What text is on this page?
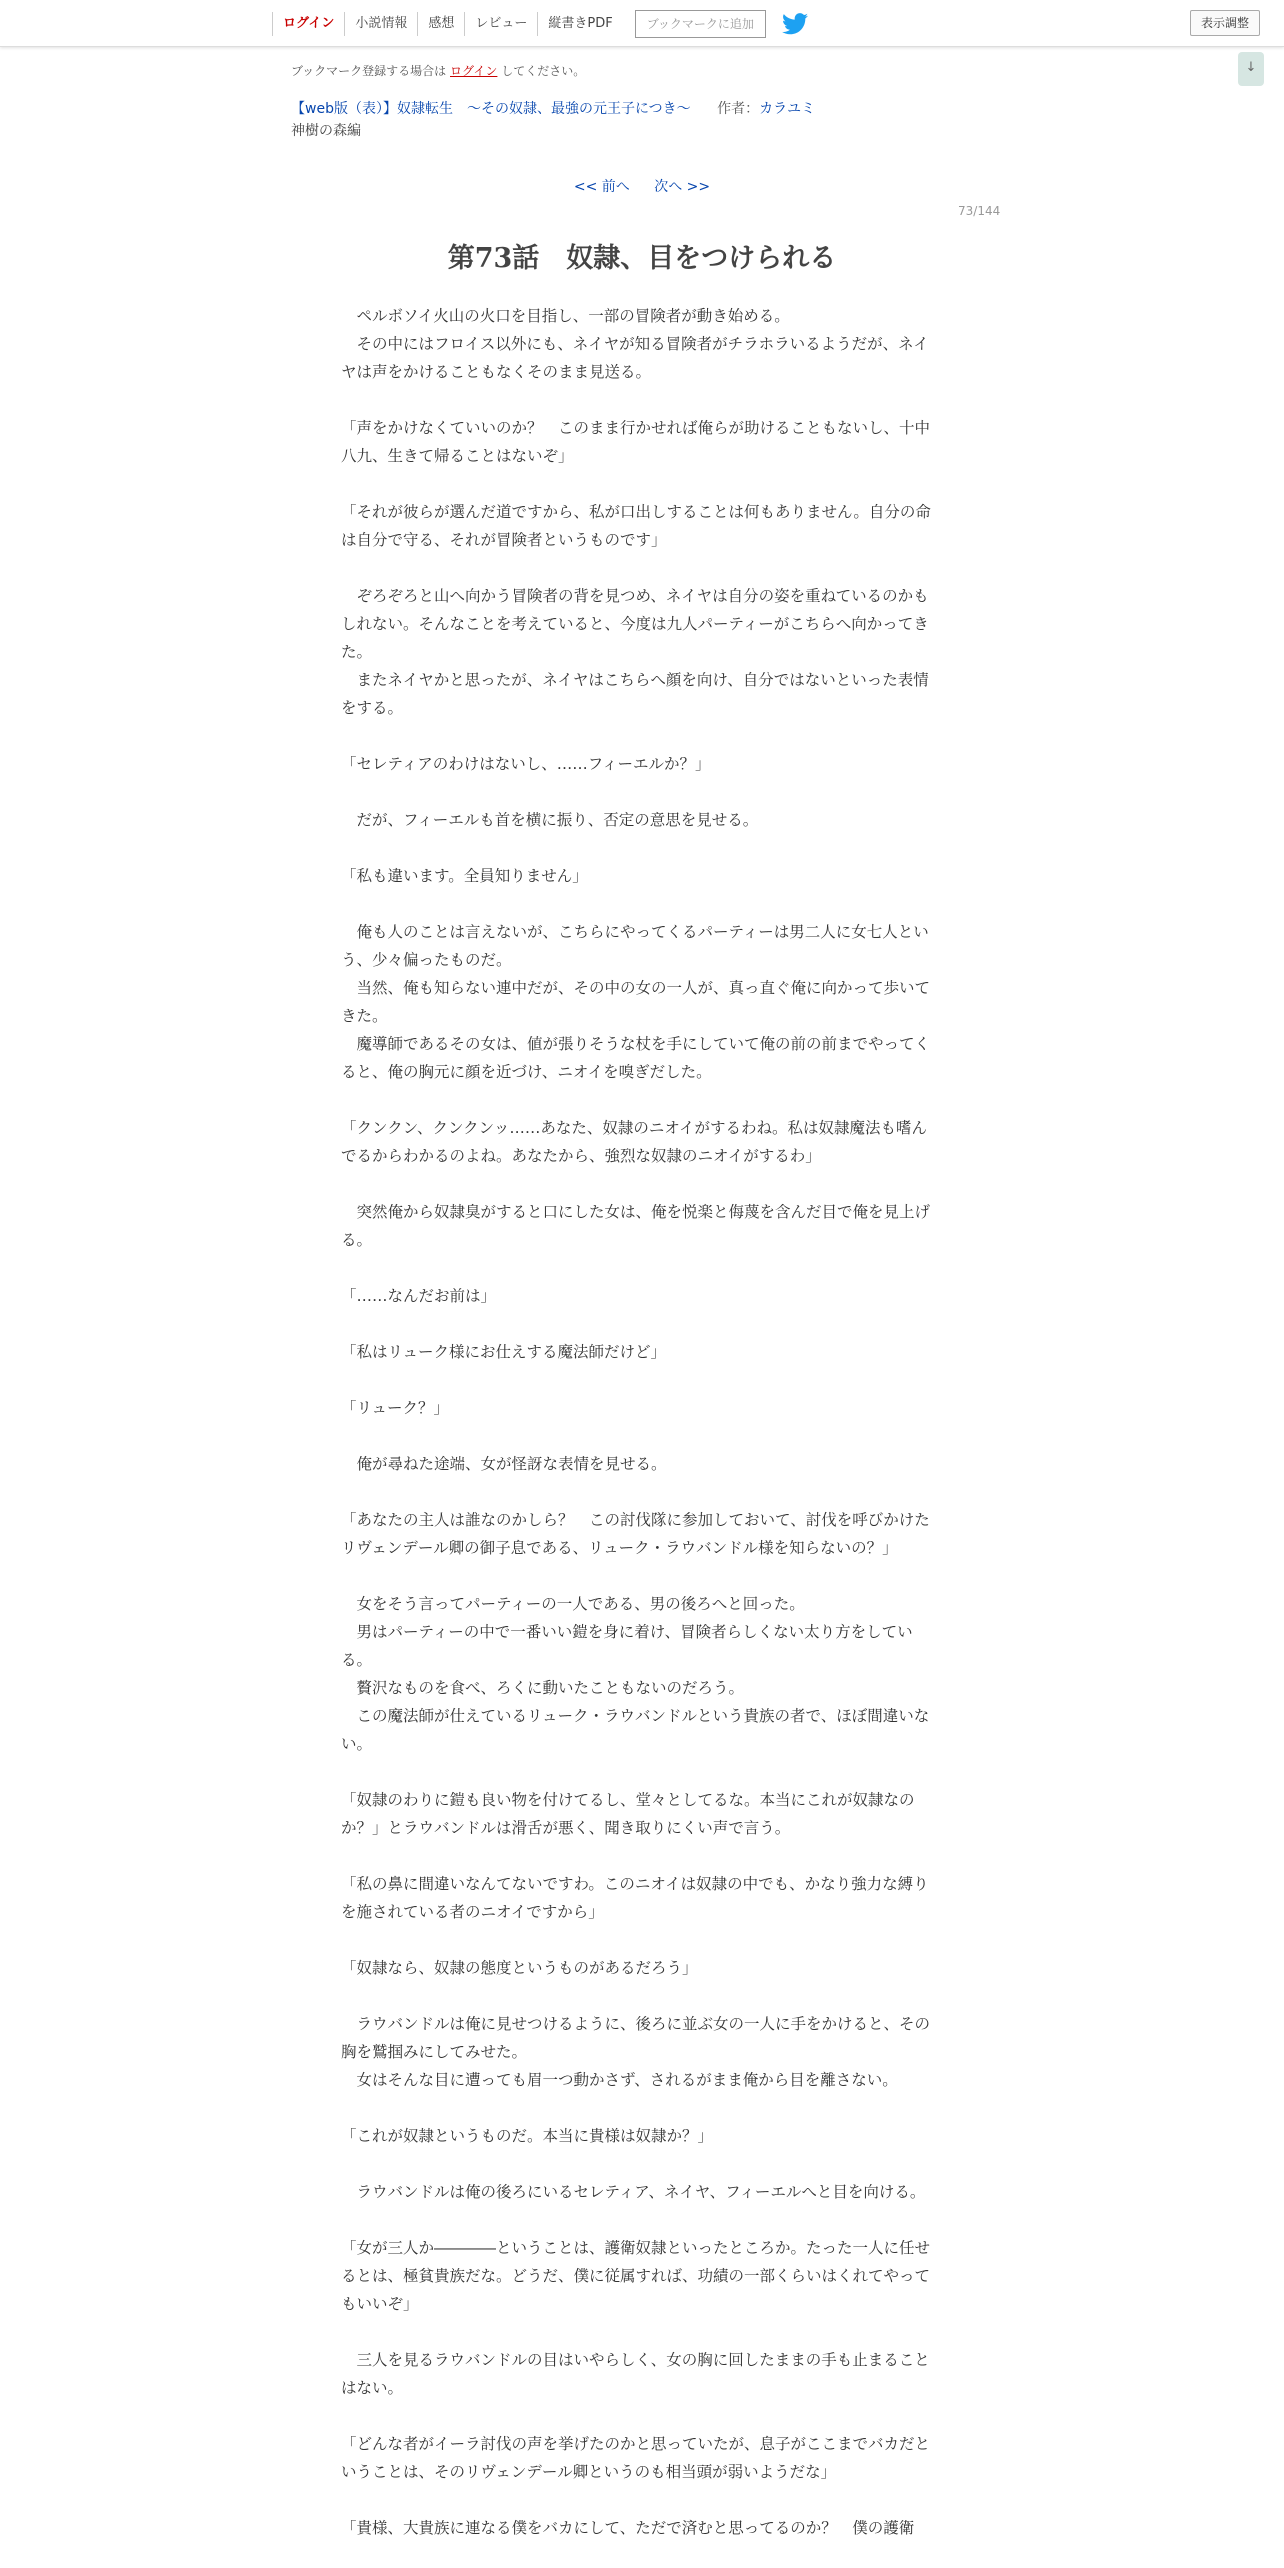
ログイン	小説情報	感想	レビュー	縦書きPDF	ブックマークに追加	表示調整
↓
ブックマーク登録する場合は ログイン してください。
【web版（表）】奴隷転生　～その奴隷、最強の元王子につき～ 作者：カラユミ
神樹の森編
<< 前へ 次へ >>
73/144
第73話　奴隷、目をつけられる

　ペルボソイ火山の火口を目指し、一部の冒険者が動き始める。

　その中にはフロイス以外にも、ネイヤが知る冒険者がチラホラいるようだが、ネイヤは声をかけることもなくそのまま見送る。

「声をかけなくていいのか？　このまま行かせれば俺らが助けることもないし、十中八九、生きて帰ることはないぞ」

「それが彼らが選んだ道ですから、私が口出しすることは何もありません。自分の命は自分で守る、それが冒険者というものです」

　ぞろぞろと山へ向かう冒険者の背を見つめ、ネイヤは自分の姿を重ねているのかもしれない。そんなことを考えていると、今度は九人パーティーがこちらへ向かってきた。

　またネイヤかと思ったが、ネイヤはこちらへ顔を向け、自分ではないといった表情をする。

「セレティアのわけはないし、……フィーエルか？」

　だが、フィーエルも首を横に振り、否定の意思を見せる。

「私も違います。全員知りません」

　俺も人のことは言えないが、こちらにやってくるパーティーは男二人に女七人という、少々偏ったものだ。

　当然、俺も知らない連中だが、その中の女の一人が、真っ直ぐ俺に向かって歩いてきた。

　魔導師であるその女は、値が張りそうな杖を手にしていて俺の前の前までやってくると、俺の胸元に顔を近づけ、ニオイを嗅ぎだした。

「クンクン、クンクンッ……あなた、奴隷のニオイがするわね。私は奴隷魔法も嗜んでるからわかるのよね。あなたから、強烈な奴隷のニオイがするわ」

　突然俺から奴隷臭がすると口にした女は、俺を悦楽と侮蔑を含んだ目で俺を見上げる。

「……なんだお前は」

「私はリューク様にお仕えする魔法師だけど」

「リューク？」

　俺が尋ねた途端、女が怪訝な表情を見せる。

「あなたの主人は誰なのかしら？　この討伐隊に参加しておいて、討伐を呼びかけたリヴェンデール卿の御子息である、リューク・ラウバンドル様を知らないの？」

　女をそう言ってパーティーの一人である、男の後ろへと回った。

　男はパーティーの中で一番いい鎧を身に着け、冒険者らしくない太り方をしている。

　贅沢なものを食べ、ろくに動いたこともないのだろう。

　この魔法師が仕えているリューク・ラウバンドルという貴族の者で、ほぼ間違いない。

「奴隷のわりに鎧も良い物を付けてるし、堂々としてるな。本当にこれが奴隷なのか？」とラウバンドルは滑舌が悪く、聞き取りにくい声で言う。

「私の鼻に間違いなんてないですわ。このニオイは奴隷の中でも、かなり強力な縛りを施されている者のニオイですから」

「奴隷なら、奴隷の態度というものがあるだろう」

　ラウバンドルは俺に見せつけるように、後ろに並ぶ女の一人に手をかけると、その胸を鷲掴みにしてみせた。

　女はそんな目に遭っても眉一つ動かさず、されるがまま俺から目を離さない。

「これが奴隷というものだ。本当に貴様は奴隷か？」

　ラウバンドルは俺の後ろにいるセレティア、ネイヤ、フィーエルへと目を向ける。

「女が三人か――――ということは、護衛奴隷といったところか。たった一人に任せるとは、極貧貴族だな。どうだ、僕に従属すれば、功績の一部くらいはくれてやってもいいぞ」

　三人を見るラウバンドルの目はいやらしく、女の胸に回したままの手も止まることはない。

「どんな者がイーラ討伐の声を挙げたのかと思っていたが、息子がここまでバカだということは、そのリヴェンデール卿というのも相当頭が弱いようだな」

「貴様、大貴族に連なる僕をバカにして、ただで済むと思ってるのか？　僕の護衛
